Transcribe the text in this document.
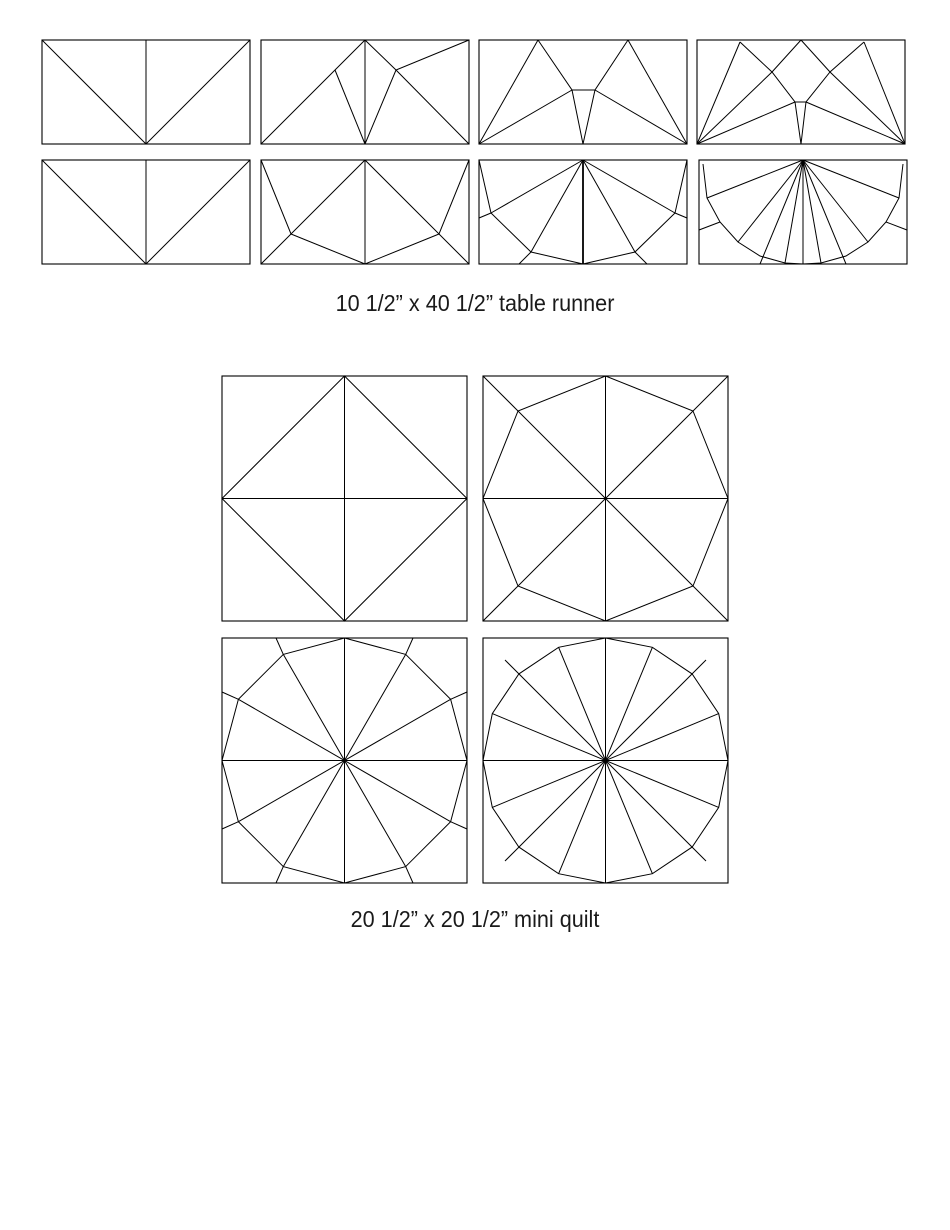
10 1/2” x 40 1/2” table runner
20 1/2” x 20 1/2” mini quilt
